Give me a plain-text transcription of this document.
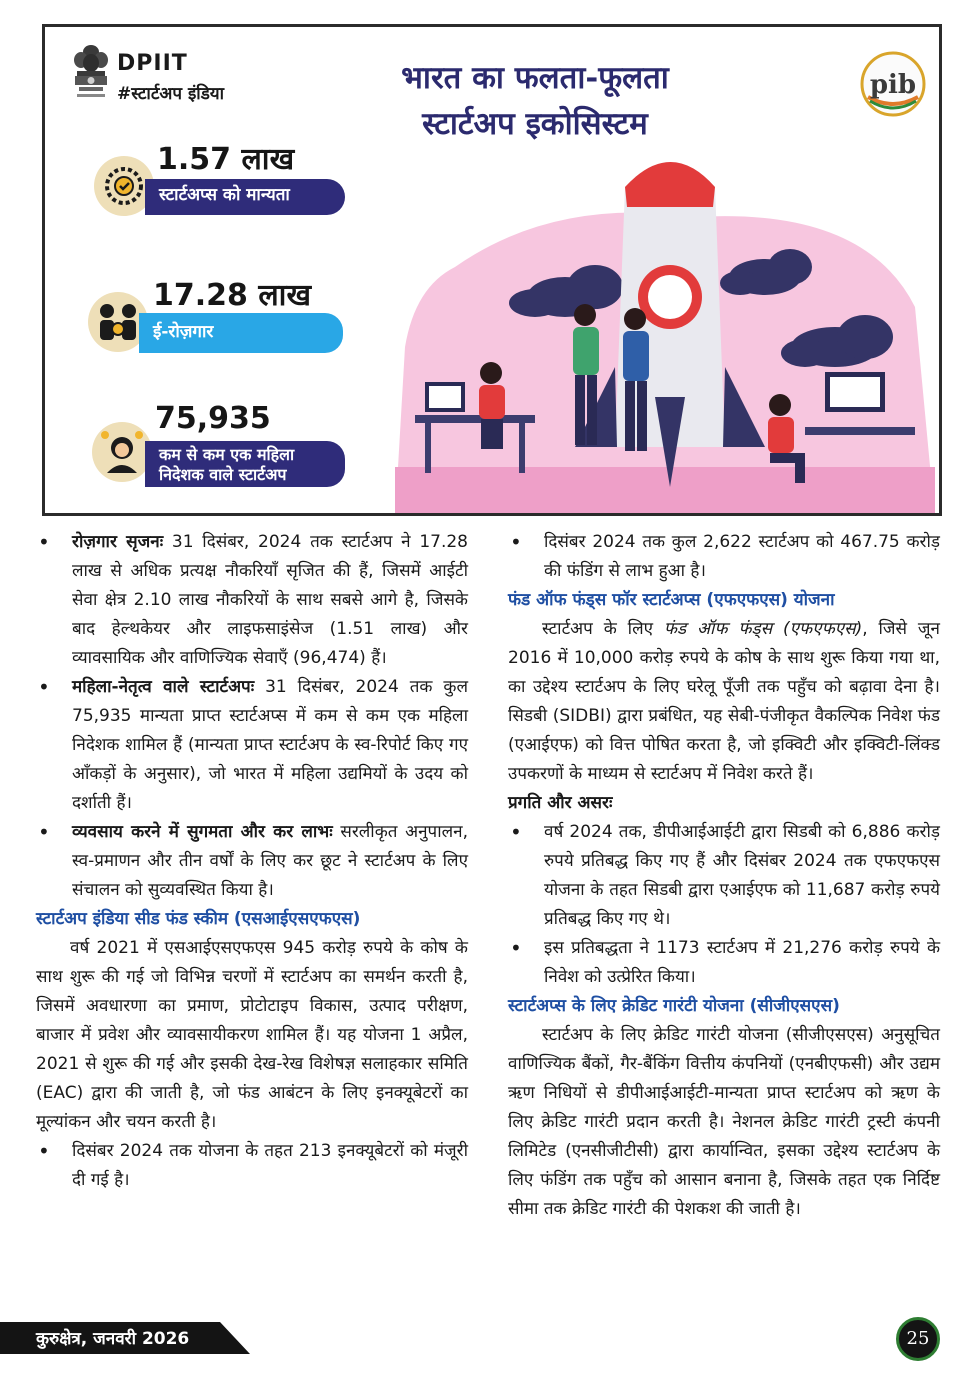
DPIIT
#स्टार्टअप इंडिया	भारत का फलता-फूलता
स्टार्टअप इकोसिस्टम
pib
1.57 लाख
स्टार्टअप्स को मान्यता
17.28 लाख
ई-रोज़गार
75,935
कम से कम एक महिला
निदेशक वाले स्टार्टअप

• रोज़गार सृजनः 31 दिसंबर, 2024 तक स्टार्टअप ने 17.28 लाख से अधिक प्रत्यक्ष नौकरियाँ सृजित की हैं, जिसमें आईटी सेवा क्षेत्र 2.10 लाख नौकरियों के साथ सबसे आगे है, जिसके बाद हेल्थकेयर और लाइफसाइंसेज (1.51 लाख) और व्यावसायिक और वाणिज्यिक सेवाएँ (96,474) हैं।

• महिला-नेतृत्व वाले स्टार्टअपः 31 दिसंबर, 2024 तक कुल 75,935 मान्यता प्राप्त स्टार्टअप्स में कम से कम एक महिला निदेशक शामिल हैं (मान्यता प्राप्त स्टार्टअप के स्व-रिपोर्ट किए गए आँकड़ों के अनुसार), जो भारत में महिला उद्यमियों के उदय को दर्शाती हैं।

• व्यवसाय करने में सुगमता और कर लाभः सरलीकृत अनुपालन, स्व-प्रमाणन और तीन वर्षों के लिए कर छूट ने स्टार्टअप के लिए संचालन को सुव्यवस्थित किया है।

स्टार्टअप इंडिया सीड फंड स्कीम (एसआईएसएफएस)

वर्ष 2021 में एसआईएसएफएस 945 करोड़ रुपये के कोष के साथ शुरू की गई जो विभिन्न चरणों में स्टार्टअप का समर्थन करती है, जिसमें अवधारणा का प्रमाण, प्रोटोटाइप विकास, उत्पाद परीक्षण, बाजार में प्रवेश और व्यावसायीकरण शामिल हैं। यह योजना 1 अप्रैल, 2021 से शुरू की गई और इसकी देख-रेख विशेषज्ञ सलाहकार समिति (EAC) द्वारा की जाती है, जो फंड आबंटन के लिए इनक्यूबेटरों का मूल्यांकन और चयन करती है।

• दिसंबर 2024 तक योजना के तहत 213 इनक्यूबेटरों को मंजूरी दी गई है।

• दिसंबर 2024 तक कुल 2,622 स्टार्टअप को 467.75 करोड़ की फंडिंग से लाभ हुआ है।

फंड ऑफ फंड्स फॉर स्टार्टअप्स (एफएफएस) योजना

स्टार्टअप के लिए फंड ऑफ फंड्स (एफएफएस), जिसे जून 2016 में 10,000 करोड़ रुपये के कोष के साथ शुरू किया गया था, का उद्देश्य स्टार्टअप के लिए घरेलू पूँजी तक पहुँच को बढ़ावा देना है। सिडबी (SIDBI) द्वारा प्रबंधित, यह सेबी-पंजीकृत वैकल्पिक निवेश फंड (एआईएफ) को वित्त पोषित करता है, जो इक्विटी और इक्विटी-लिंक्ड उपकरणों के माध्यम से स्टार्टअप में निवेश करते हैं।

प्रगति और असरः

• वर्ष 2024 तक, डीपीआईआईटी द्वारा सिडबी को 6,886 करोड़ रुपये प्रतिबद्ध किए गए हैं और दिसंबर 2024 तक एफएफएस योजना के तहत सिडबी द्वारा एआईएफ को 11,687 करोड़ रुपये प्रतिबद्ध किए गए थे।

• इस प्रतिबद्धता ने 1173 स्टार्टअप में 21,276 करोड़ रुपये के निवेश को उत्प्रेरित किया।

स्टार्टअप्स के लिए क्रेडिट गारंटी योजना (सीजीएसएस)

स्टार्टअप के लिए क्रेडिट गारंटी योजना (सीजीएसएस) अनुसूचित वाणिज्यिक बैंकों, गैर-बैंकिंग वित्तीय कंपनियों (एनबीएफसी) और उद्यम ऋण निधियों से डीपीआईआईटी-मान्यता प्राप्त स्टार्टअप को ऋण के लिए क्रेडिट गारंटी प्रदान करती है। नेशनल क्रेडिट गारंटी ट्रस्टी कंपनी लिमिटेड (एनसीजीटीसी) द्वारा कार्यान्वित, इसका उद्देश्य स्टार्टअप के लिए फंडिंग तक पहुँच को आसान बनाना है, जिसके तहत एक निर्दिष्ट सीमा तक क्रेडिट गारंटी की पेशकश की जाती है।

कुरुक्षेत्र, जनवरी 2026	25
